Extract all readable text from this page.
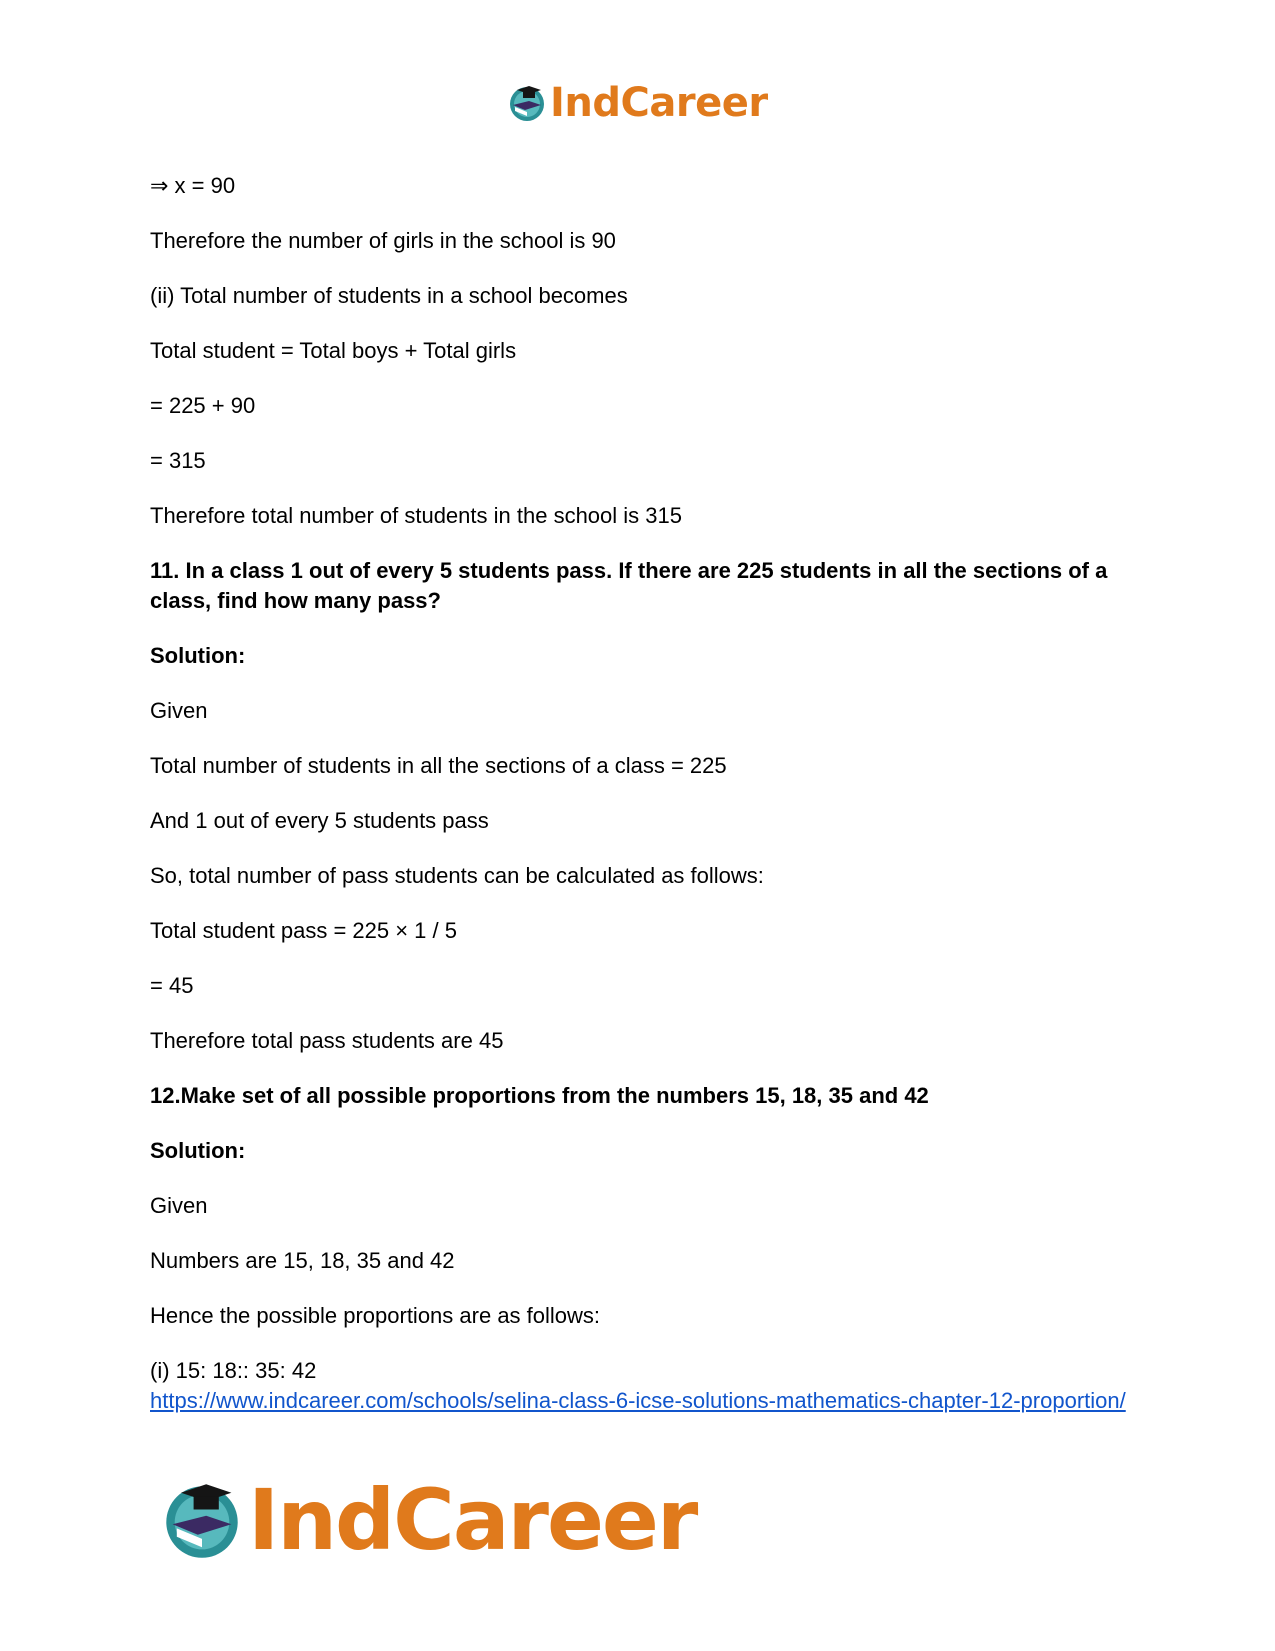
IndCareer
⇒ x = 90
Therefore the number of girls in the school is 90
(ii) Total number of students in a school becomes
Total student = Total boys + Total girls
= 225 + 90
= 315
Therefore total number of students in the school is 315
11. In a class 1 out of every 5 students pass. If there are 225 students in all the sections of a class, find how many pass?
Solution:
Given
Total number of students in all the sections of a class = 225
And 1 out of every 5 students pass
So, total number of pass students can be calculated as follows:
Total student pass = 225 × 1 / 5
= 45
Therefore total pass students are 45
12.Make set of all possible proportions from the numbers 15, 18, 35 and 42
Solution:
Given
Numbers are 15, 18, 35 and 42
Hence the possible proportions are as follows:
(i) 15: 18:: 35: 42
https://www.indcareer.com/schools/selina-class-6-icse-solutions-mathematics-chapter-12-proportion/
IndCareer
